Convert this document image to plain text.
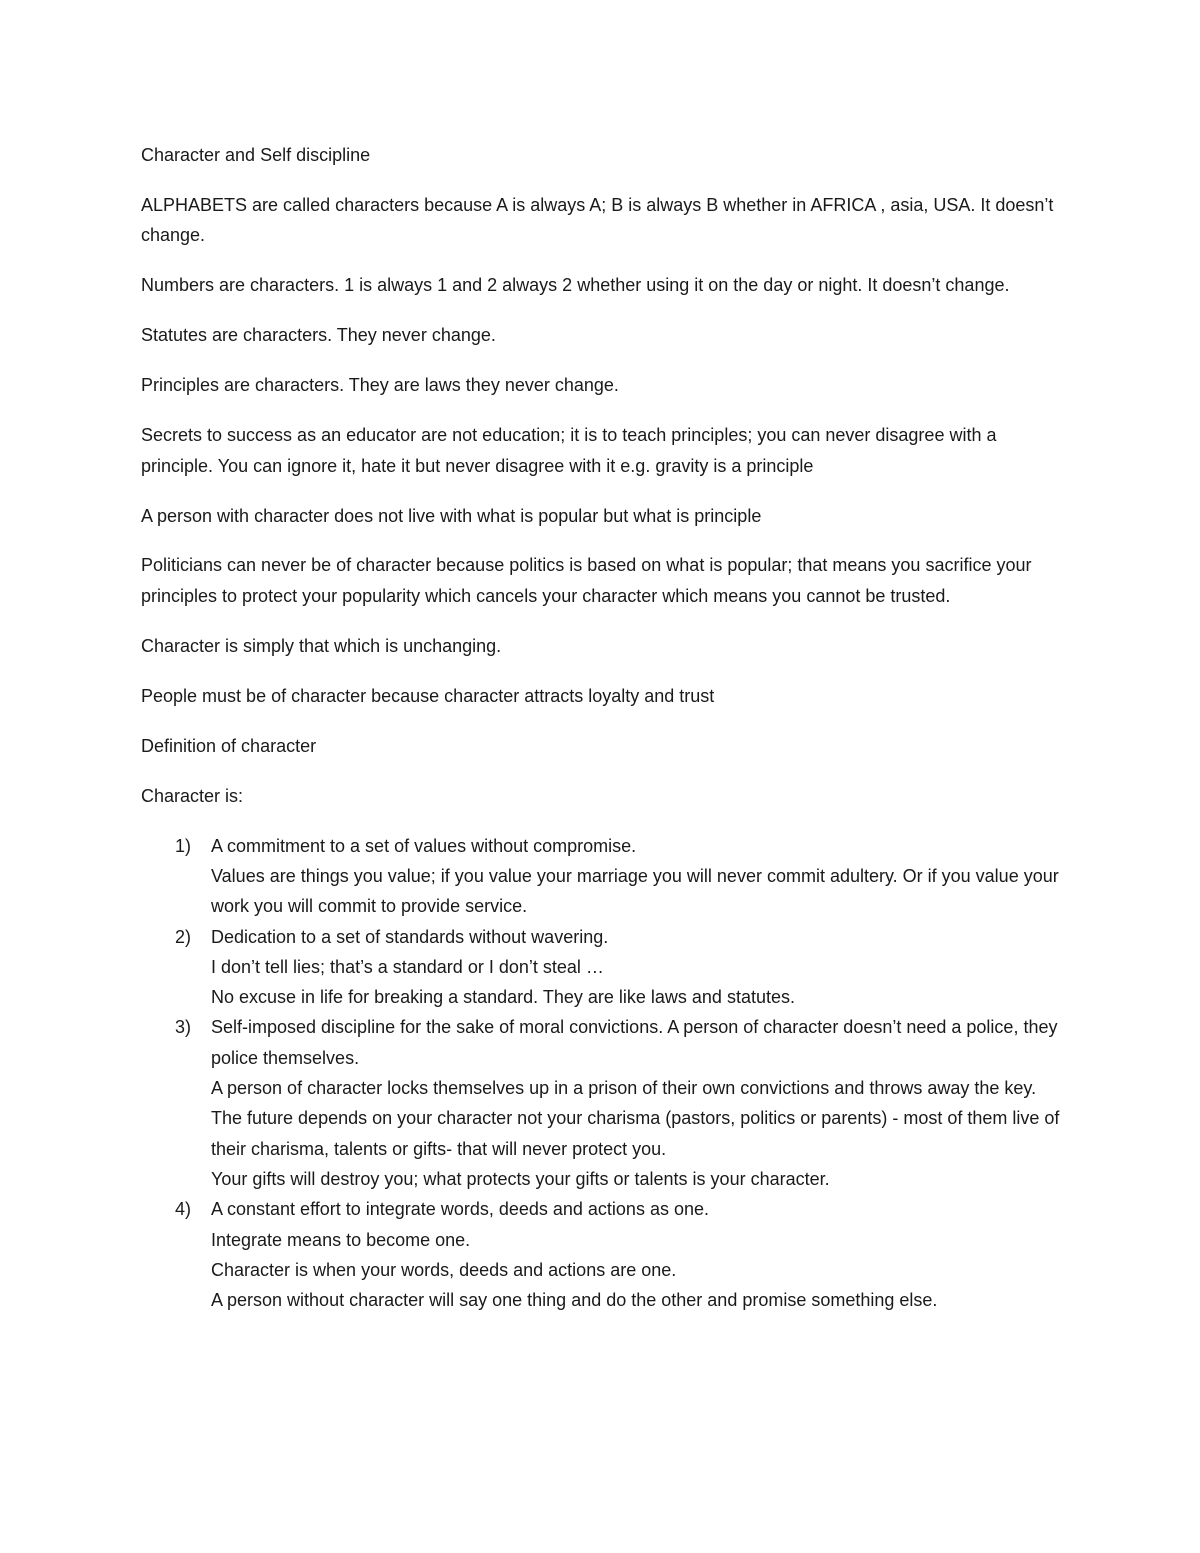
Character and Self discipline

ALPHABETS are called characters because A is always A; B is always B whether in AFRICA , asia, USA. It doesn’t change.

Numbers are characters. 1 is always 1 and 2 always 2 whether using it on the day or night. It doesn’t change.

Statutes are characters. They never change.

Principles are characters. They are laws they never change.

Secrets to success as an educator are not education; it is to teach principles; you can never disagree with a principle. You can ignore it, hate it but never disagree with it e.g. gravity is a principle

A person with character does not live with what is popular but what is principle

Politicians can never be of character because politics is based on what is popular; that means you sacrifice your principles to protect your popularity which cancels your character which means you cannot be trusted.

Character is simply that which is unchanging.

People must be of character because character attracts loyalty and trust

Definition of character

Character is:

1) A commitment to a set of values without compromise.
Values are things you value; if you value your marriage you will never commit adultery. Or if you value your work you will commit to provide service.
2) Dedication to a set of standards without wavering.
I don’t tell lies; that’s a standard or I don’t steal …
No excuse in life for breaking a standard. They are like laws and statutes.
3) Self-imposed discipline for the sake of moral convictions. A person of character doesn’t need a police, they police themselves.
A person of character locks themselves up in a prison of their own convictions and throws away the key.
The future depends on your character not your charisma (pastors, politics or parents) - most of them live of their charisma, talents or gifts- that will never protect you.
Your gifts will destroy you; what protects your gifts or talents is your character.
4) A constant effort to integrate words, deeds and actions as one.
Integrate means to become one.
Character is when your words, deeds and actions are one.
A person without character will say one thing and do the other and promise something else.
